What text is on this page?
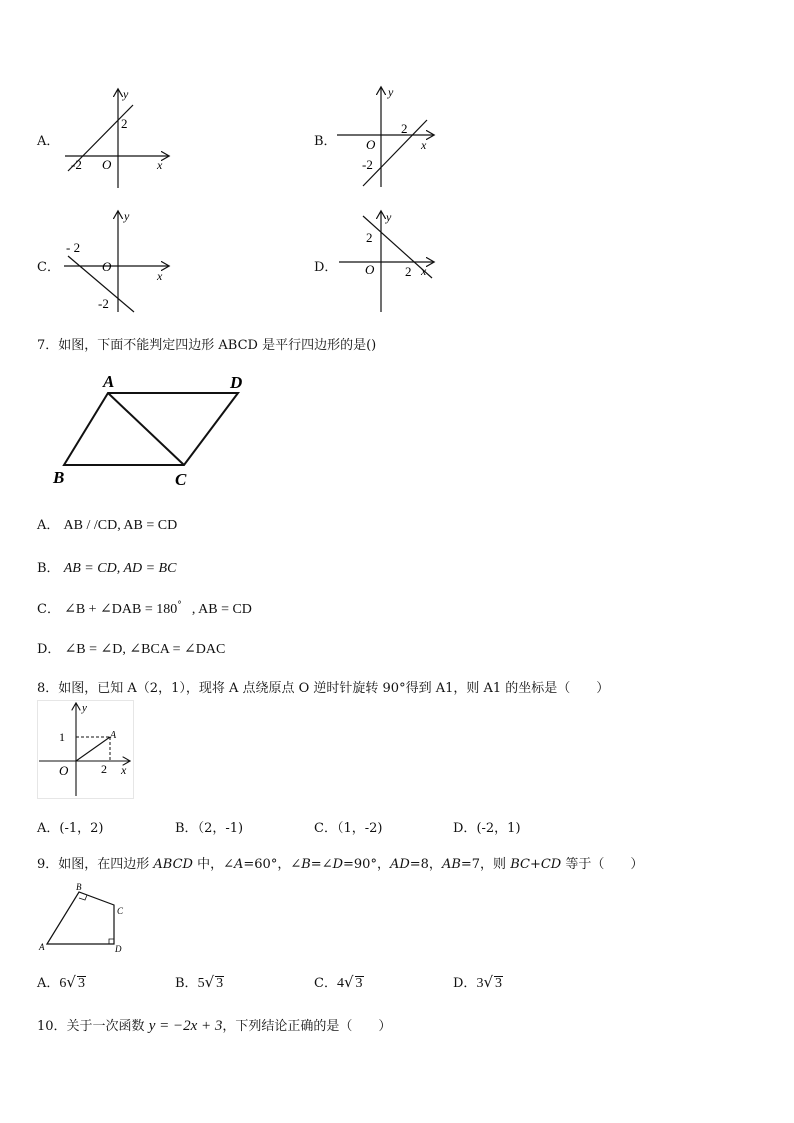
A．
y
x
O
2
-2
B．
y
x
O
2
-2
C．
y
x
O
- 2
-2
D．
y
x
O
2
2
7．如图，下面不能判定四边形 ABCD 是平行四边形的是()
A	D
B	C
A． AB / /CD, AB = CD
B． AB = CD, AD = BC
C． ∠B + ∠DAB = 180° , AB = CD
D． ∠B = ∠D, ∠BCA = ∠DAC
8．如图，已知 A（2，1），现将 A 点绕原点 O 逆时针旋转 90°得到 A1，则 A1 的坐标是（　　）
y
x
O
1
2
A
A．(-1，2)	B．（2，-1)	C．（1，-2)	D．(-2，1)
9．如图，在四边形 ABCD 中，∠A=60°，∠B=∠D=90°，AD=8，AB=7，则 BC+CD 等于（　　）
A
B
C
D
A．6√ 3	B．5√ 3	C．4√ 3	D．3√ 3
10．关于一次函数 y = −2x + 3，下列结论正确的是（　　）
